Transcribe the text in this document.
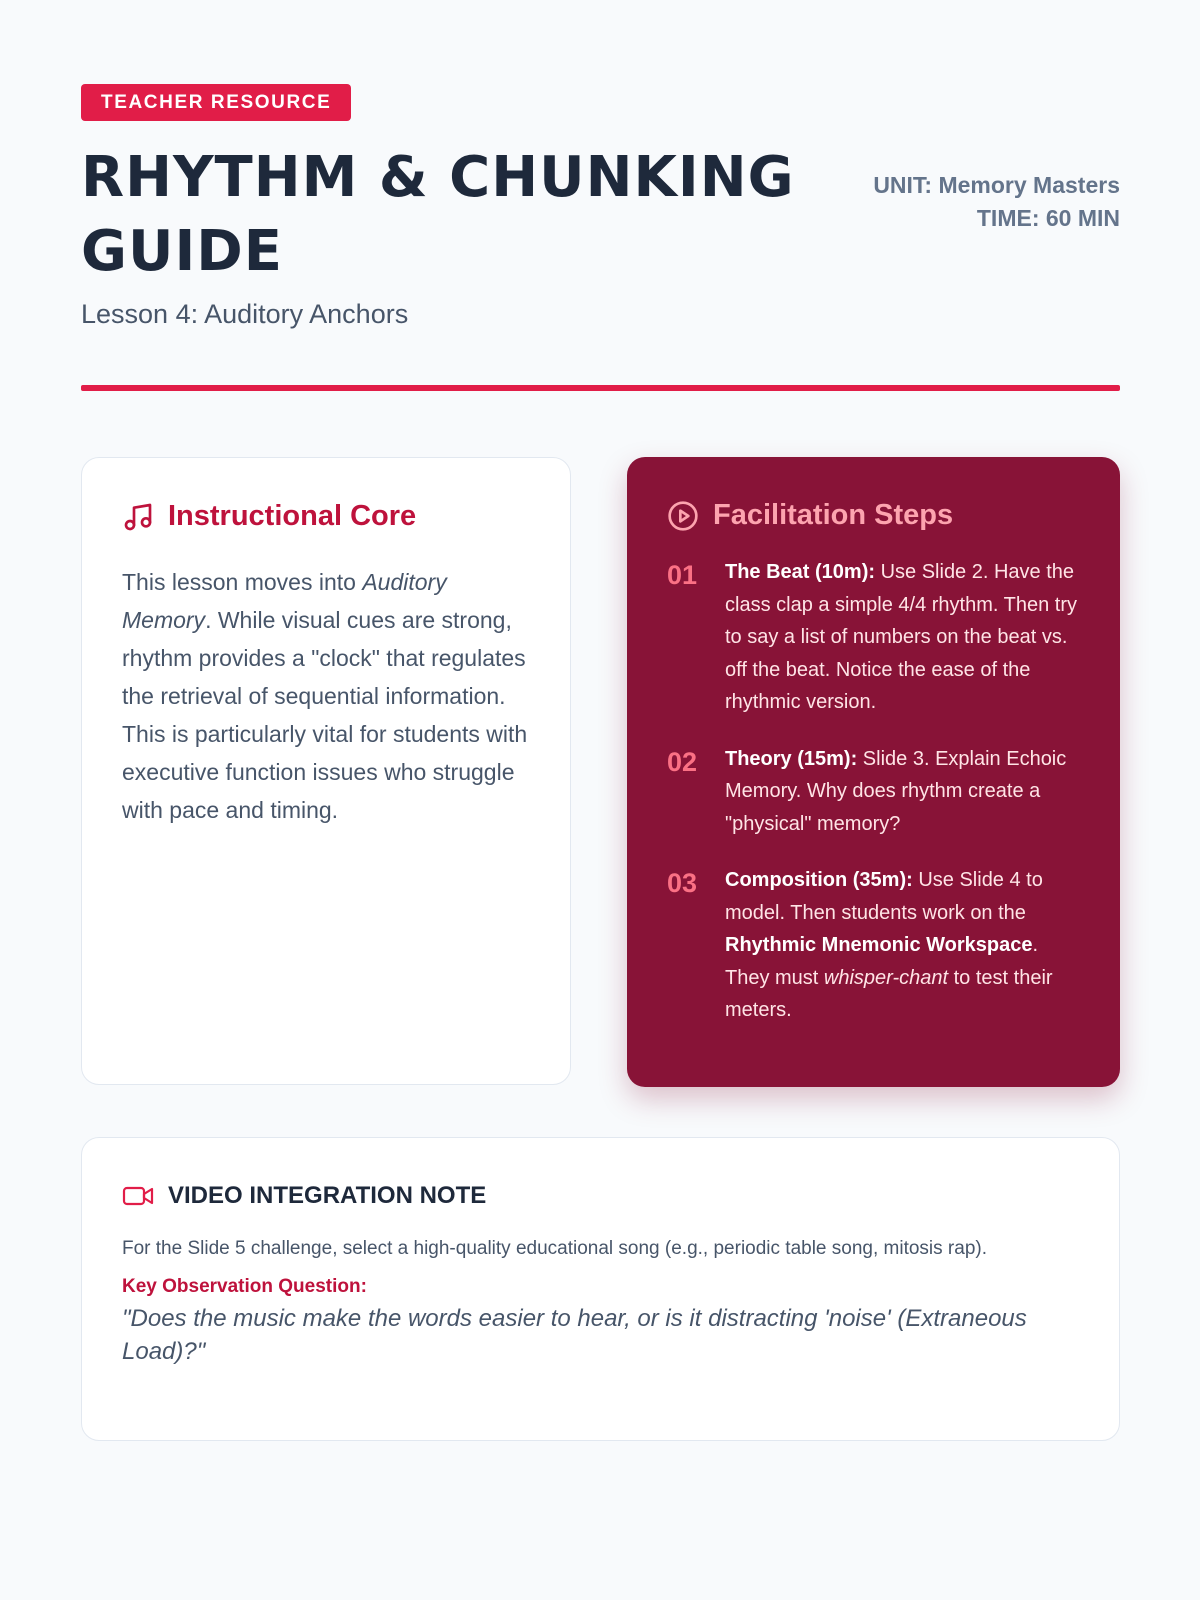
TEACHER RESOURCE
RHYTHM & CHUNKING GUIDE
Lesson 4: Auditory Anchors
UNIT: Memory Masters
TIME: 60 MIN
Instructional Core
This lesson moves into Auditory Memory. While visual cues are strong, rhythm provides a "clock" that regulates the retrieval of sequential information. This is particularly vital for students with executive function issues who struggle with pace and timing.
Facilitation Steps
01	The Beat (10m): Use Slide 2. Have the class clap a simple 4/4 rhythm. Then try to say a list of numbers on the beat vs. off the beat. Notice the ease of the rhythmic version.
02	Theory (15m): Slide 3. Explain Echoic Memory. Why does rhythm create a "physical" memory?
03	Composition (35m): Use Slide 4 to model. Then students work on the Rhythmic Mnemonic Workspace. They must whisper-chant to test their meters.
VIDEO INTEGRATION NOTE
For the Slide 5 challenge, select a high-quality educational song (e.g., periodic table song, mitosis rap).
Key Observation Question:
"Does the music make the words easier to hear, or is it distracting 'noise' (Extraneous Load)?"
